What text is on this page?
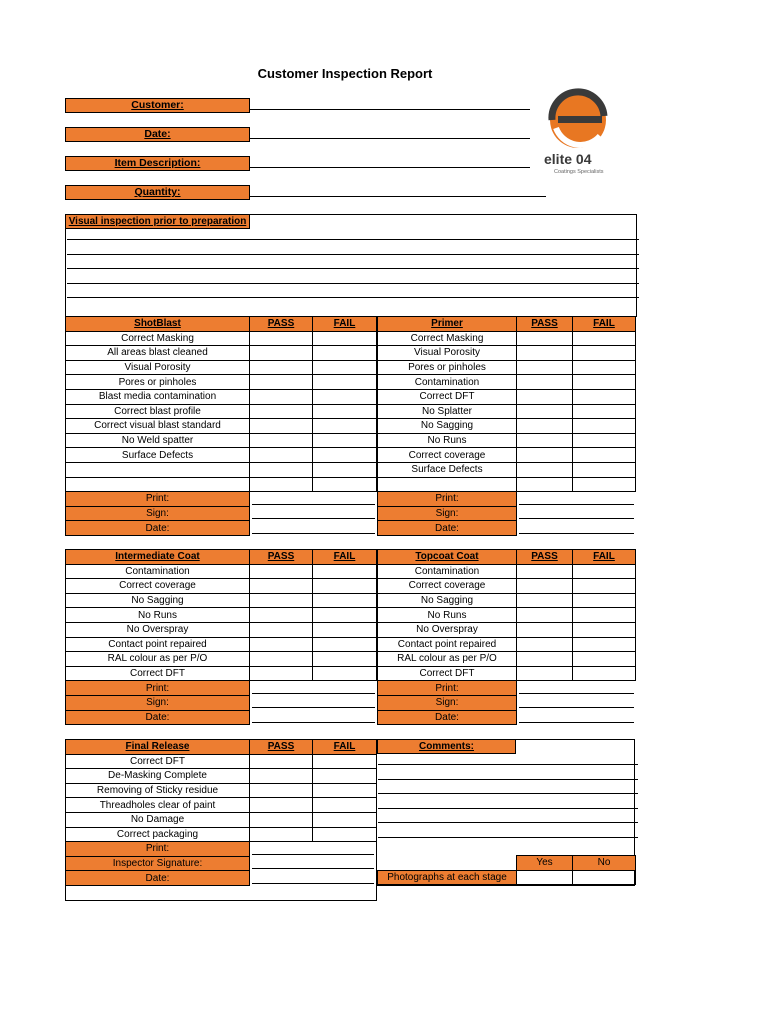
Customer Inspection Report
Customer:
Date:
Item Description:
Quantity:
elite 04
Coatings Specialists
Visual inspection prior to preparation
ShotBlast	PASS	FAIL
Correct Masking		
All areas blast cleaned		
Visual Porosity		
Pores or pinholes		
Blast media contamination		
Correct blast profile		
Correct visual blast standard		
No Weld spatter		
Surface Defects		

Print:		

Sign:		

Date:		
Primer	PASS	FAIL
Correct Masking		
Visual Porosity		
Pores or pinholes		
Contamination		
Correct DFT		
No Splatter		
No Sagging		
No Runs		
Correct coverage		
Surface Defects		

Print:		

Sign:		

Date:		
Intermediate Coat	PASS	FAIL
Contamination		
Correct coverage		
No Sagging		
No Runs		
No Overspray		
Contact point repaired		
RAL colour as per P/O		
Correct DFT		
Print:		

Sign:		

Date:		
Topcoat Coat	PASS	FAIL
Contamination		
Correct coverage		
No Sagging		
No Runs		
No Overspray		
Contact point repaired		
RAL colour as per P/O		
Correct DFT		
Print:		

Sign:		

Date:		
Final Release	PASS	FAIL
Correct DFT		
De-Masking Complete		
Removing of Sticky residue		
Threadholes clear of paint		
No Damage		
Correct packaging		
Print:		

Inspector Signature:		

Date:		

Comments:
	Yes	No
Photographs at each stage		
